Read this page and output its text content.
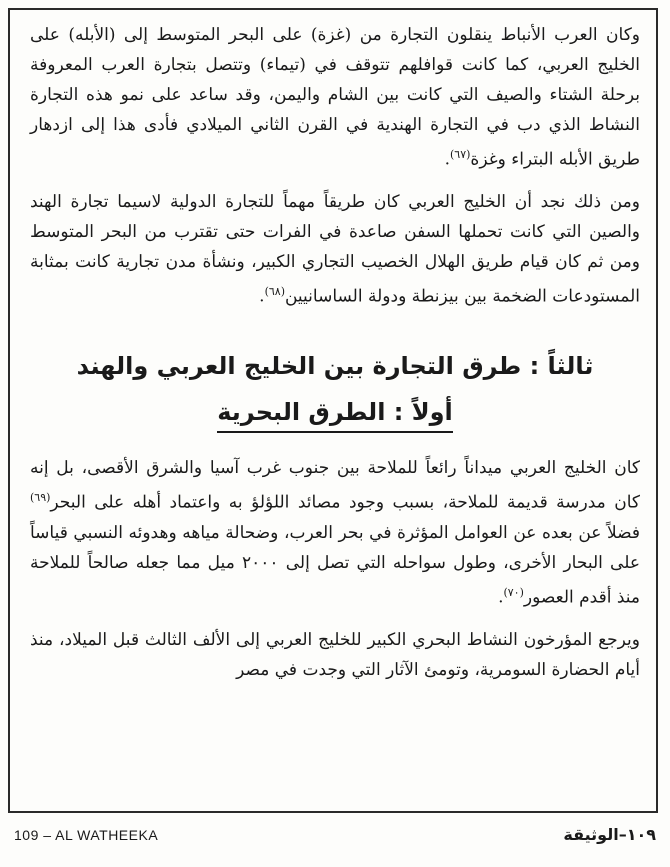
وكان العرب الأنباط ينقلون التجارة من (غزة) على البحر المتوسط إلى (الأبله) على الخليج العربي، كما كانت قوافلهم تتوقف في (تيماء) وتتصل بتجارة العرب المعروفة برحلة الشتاء والصيف التي كانت بين الشام واليمن، وقد ساعد على نمو هذه التجارة النشاط الذي دب في التجارة الهندية في القرن الثاني الميلادي فأدى هذا إلى ازدهار طريق الأبله البتراء وغزة$^{(٦٧)}$.

ومن ذلك نجد أن الخليج العربي كان طريقاً مهماً للتجارة الدولية لاسيما تجارة الهند والصين التي كانت تحملها السفن صاعدة في الفرات حتى تقترب من البحر المتوسط ومن ثم كان قيام طريق الهلال الخصيب التجاري الكبير، ونشأة مدن تجارية كانت بمثابة المستودعات الضخمة بين بيزنطة ودولة الساسانيين$^{(٦٨)}$.

ثالثاً : طرق التجارة بين الخليج العربي والهند

أولاً : الطرق البحرية

كان الخليج العربي ميداناً رائعاً للملاحة بين جنوب غرب آسيا والشرق الأقصى، بل إنه كان مدرسة قديمة للملاحة، بسبب وجود مصائد اللؤلؤ به واعتماد أهله على البحر$^{(٦٩)}$ فضلاً عن بعده عن العوامل المؤثرة في بحر العرب، وضحالة مياهه وهدوئه النسبي قياساً على البحار الأخرى، وطول سواحله التي تصل إلى ٢٠٠٠ ميل مما جعله صالحاً للملاحة منذ أقدم العصور$^{(٧٠)}$.

ويرجع المؤرخون النشاط البحري الكبير للخليج العربي إلى الألف الثالث قبل الميلاد، منذ أيام الحضارة السومرية، وتومئ الآثار التي وجدت في مصر

109 – AL WATHEEKA	١٠٩–الوثيقة
